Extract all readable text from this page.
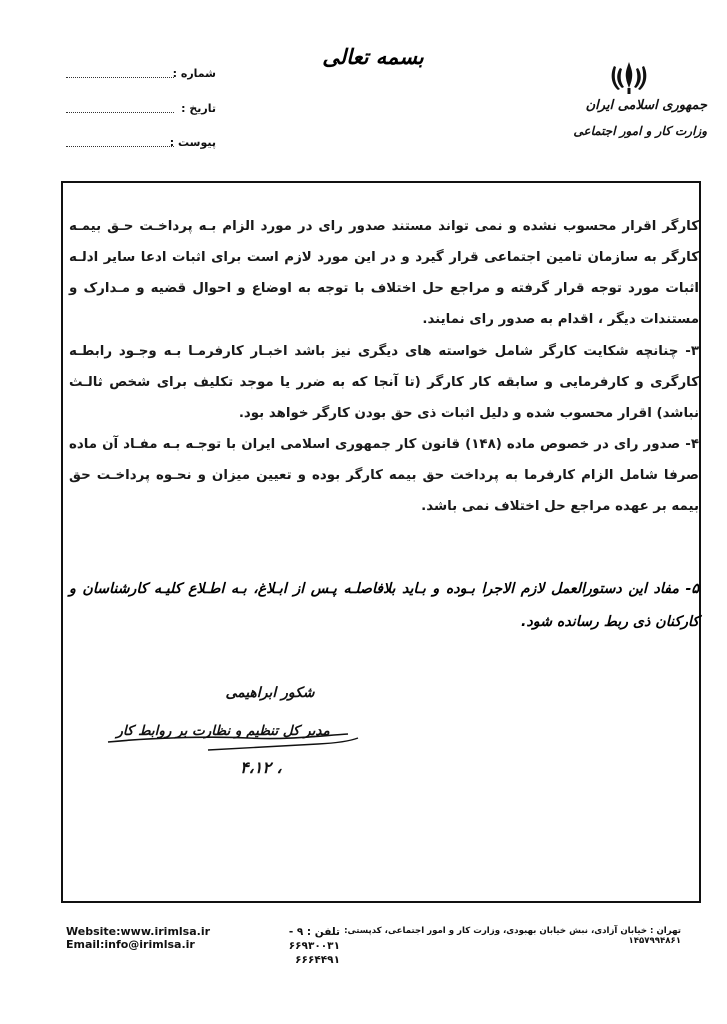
بسمه تعالی
جمهوری اسلامی ایران
وزارت کار و امور اجتماعی
شماره :
تاریخ :
پیوست :
کارگر اقرار محسوب نشده و نمی تواند مستند صدور رای در مورد الزام بـه پرداخـت حـق بیمـه کارگر به سازمان تامین اجتماعی قرار گیرد و در این مورد لازم است برای اثبات ادعا سایر ادلـه اثبات مورد توجه قرار گرفته و مراجع حل اختلاف با توجه به اوضاع و احوال قضیه و مـدارک و مستندات دیگر ، اقدام به صدور رای نمایند.
۳- چنانچه شکایت کارگر شامل خواسته های دیگری نیز باشد اخبـار کارفرمـا بـه وجـود رابطـه کارگری و کارفرمایی و سابقه کار کارگر (تا آنجا که به ضرر یا موجد تکلیف برای شخص ثالـث نباشد) اقرار محسوب شده و دلیل اثبات ذی حق بودن کارگر خواهد بود.
۴- صدور رای در خصوص ماده (۱۴۸) قانون کار جمهوری اسلامی ایران با توجـه بـه مفـاد آن ماده صرفا شامل الزام کارفرما به پرداخت حق بیمه کارگر بوده و تعیین میزان و نحـوه پرداخـت حق بیمه بر عهده مراجع حل اختلاف نمی باشد.
۵- مفاد این دستورالعمل لازم الاجرا بـوده و بـاید بلافاصلـه پـس از ابـلاغ، بـه اطـلاع کلیـه کارشناسان و کارکنان ذی ربط رسانده شود.
شکور ابراهیمی
مدیر کل تنظیم و نظارت بر روابط کار
۴،۱۲ ،
Website:www.irimlsa.ir
Email:info@irimlsa.ir
تلفن : ۹ - ۶۶۹۳۰۰۳۱
۶۶۶۴۴۹۱
تهران : خیابان آزادی، نبش خیابان بهبودی، وزارت کار و امور اجتماعی، کدپستی: ۱۴۵۷۹۹۴۸۶۱
